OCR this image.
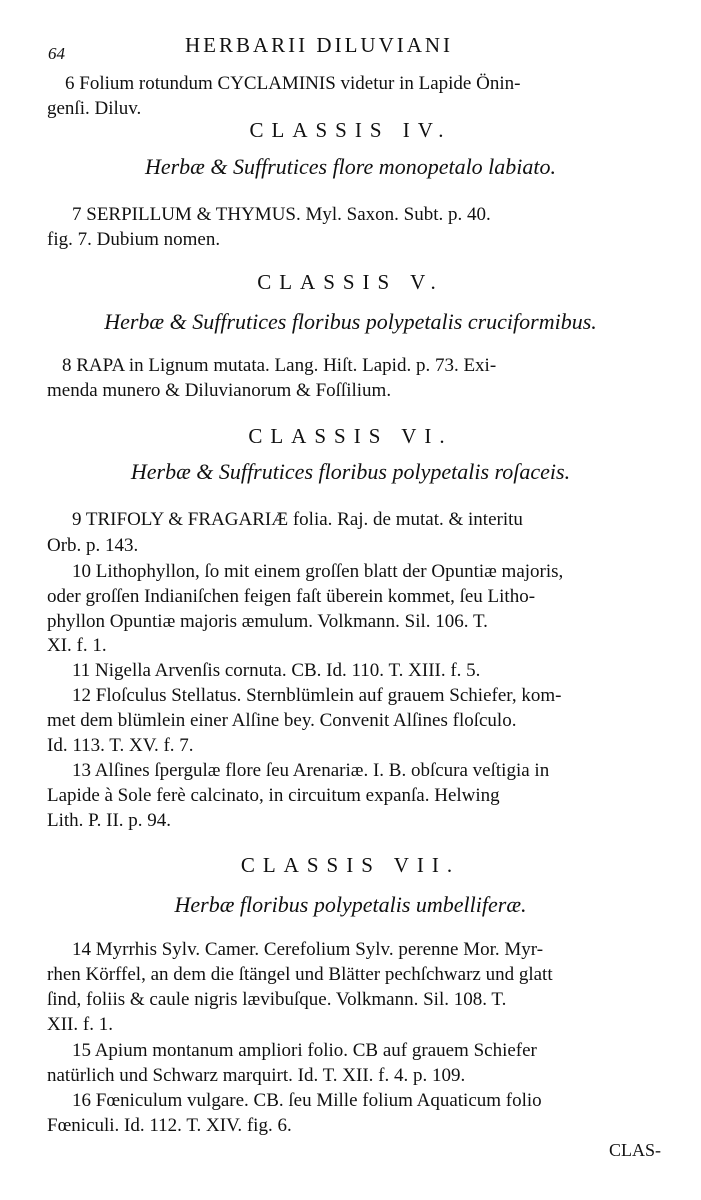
64	HERBARII DILUVIANI
6 Folium rotundum CYCLAMINIS videtur in Lapide Önin-
genſi. Diluv.
CLASSIS IV.
Herbæ & Suffrutices flore monopetalo labiato.
7 SERPILLUM & THYMUS. Myl. Saxon. Subt. p. 40.
fig. 7. Dubium nomen.
CLASSIS V.
Herbæ & Suffrutices floribus polypetalis cruciformibus.
8 RAPA in Lignum mutata. Lang. Hiſt. Lapid. p. 73. Exi-
menda munero & Diluvianorum & Foſſilium.
CLASSIS VI.
Herbæ & Suffrutices floribus polypetalis roſaceis.
9 TRIFOLY & FRAGARIÆ folia. Raj. de mutat. & interitu
Orb. p. 143.
10 Lithophyllon, ſo mit einem groſſen blatt der Opuntiæ majoris,
oder groſſen Indianiſchen feigen faſt überein kommet, ſeu Litho-
phyllon Opuntiæ majoris æmulum. Volkmann. Sil. 106. T.
XI. f. 1.
11 Nigella Arvenſis cornuta. CB. Id. 110. T. XIII. f. 5.
12 Floſculus Stellatus. Sternblümlein auf grauem Schiefer, kom-
met dem blümlein einer Alſine bey. Convenit Alſines floſculo.
Id. 113. T. XV. f. 7.
13 Alſines ſpergulæ flore ſeu Arenariæ. I. B. obſcura veſtigia in
Lapide à Sole ferè calcinato, in circuitum expanſa. Helwing
Lith. P. II. p. 94.
CLASSIS VII.
Herbæ floribus polypetalis umbelliferæ.
14 Myrrhis Sylv. Camer. Cerefolium Sylv. perenne Mor. Myr-
rhen Körffel, an dem die ſtängel und Blätter pechſchwarz und glatt
ſind, foliis & caule nigris lævibuſque. Volkmann. Sil. 108. T.
XII. f. 1.
15 Apium montanum ampliori folio. CB auf grauem Schiefer
natürlich und Schwarz marquirt. Id. T. XII. f. 4. p. 109.
16 Fœniculum vulgare. CB. ſeu Mille folium Aquaticum folio
Fœniculi. Id. 112. T. XIV. fig. 6.
CLAS-
